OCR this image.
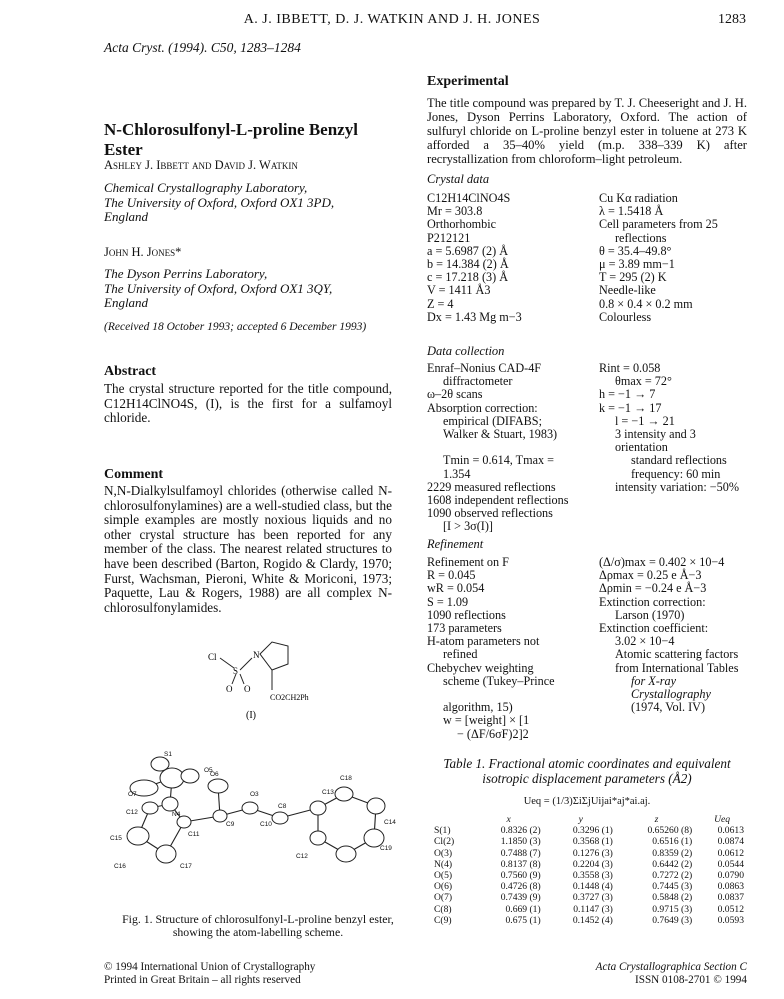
A. J. IBBETT, D. J. WATKIN AND J. H. JONES	1283
Acta Cryst. (1994). C50, 1283–1284
N-Chlorosulfonyl-L-proline Benzyl Ester
Ashley J. Ibbett and David J. Watkin
Chemical Crystallography Laboratory,
The University of Oxford, Oxford OX1 3PD,
England
John H. Jones*
The Dyson Perrins Laboratory,
The University of Oxford, Oxford OX1 3QY,
England
(Received 18 October 1993; accepted 6 December 1993)
Abstract

The crystal structure reported for the title compound, C12H14ClNO4S, (I), is the first for a sulfamoyl chloride.

Comment

N,N-Dialkylsulfamoyl chlorides (otherwise called N-chlorosulfonylamines) are a well-studied class, but the simple examples are mostly noxious liquids and no other crystal structure has been reported for any member of the class. The nearest related structures to have been described (Barton, Rogido & Clardy, 1970; Furst, Wachsman, Pieroni, White & Moriconi, 1973; Paquette, Lau & Rogers, 1988) are all complex N-chlorosulfonylamides.

Cl
S
N
O O
CO2CH2Ph
(I)
S1
O5
O7
O6
C12	N4
O3
C8
C13
C18
C9
C11
C10	C14
C15
C16	C17
C12
C19
Fig. 1. Structure of chlorosulfonyl-L-proline benzyl ester, showing the atom-labelling scheme.
© 1994 International Union of Crystallography
Printed in Great Britain – all rights reserved
Experimental

The title compound was prepared by T. J. Cheeseright and J. H. Jones, Dyson Perrins Laboratory, Oxford. The action of sulfuryl chloride on L-proline benzyl ester in toluene at 273 K afforded a 35–40% yield (m.p. 338–339 K) after recrystallization from chloroform–light petroleum.

Crystal data
C12H14ClNO4S	Cu Kα radiation
Mr = 303.8	λ = 1.5418 Å
Orthorhombic	Cell parameters from 25
P212121	reflections
a = 5.6987 (2) Å	θ = 35.4–49.8°
b = 14.384 (2) Å	μ = 3.89 mm−1
c = 17.218 (3) Å	T = 295 (2) K
V = 1411 Å3	Needle-like
Z = 4	0.8 × 0.4 × 0.2 mm
Dx = 1.43 Mg m−3	Colourless
Data collection
Enraf–Nonius CAD-4F	Rint = 0.058
diffractometer	θmax = 72°
ω–2θ scans	h = −1 → 7
Absorption correction:	k = −1 → 17
empirical (DIFABS;	l = −1 → 21
Walker & Stuart, 1983)	3 intensity and 3 orientation
Tmin = 0.614, Tmax =	standard reflections
1.354	frequency: 60 min
2229 measured reflections	intensity variation: −50%
1608 independent reflections
1090 observed reflections
[I > 3σ(I)]
Refinement
Refinement on F	(Δ/σ)max = 0.402 × 10−4
R = 0.045	Δρmax = 0.25 e Å−3
wR = 0.054	Δρmin = −0.24 e Å−3
S = 1.09	Extinction correction:
1090 reflections	Larson (1970)
173 parameters	Extinction coefficient:
H-atom parameters not	3.02 × 10−4
refined	Atomic scattering factors
Chebychev weighting	from International Tables
scheme (Tukey–Prince	for X-ray Crystallography
algorithm, 15)	(1974, Vol. IV)
w = [weight] × [1
− (ΔF/6σF)2]2
Table 1. Fractional atomic coordinates and equivalent isotropic displacement parameters (Å2)
Ueq = (1/3)ΣiΣjUijai*aj*ai.aj.
	x	y	z	Ueq
S(1)	0.8326 (2)	0.3296 (1)	0.65260 (8)	0.0613
Cl(2)	1.1850 (3)	0.3568 (1)	0.6516 (1)	0.0874
O(3)	0.7488 (7)	0.1276 (3)	0.8359 (2)	0.0612
N(4)	0.8137 (8)	0.2204 (3)	0.6442 (2)	0.0544
O(5)	0.7560 (9)	0.3558 (3)	0.7272 (2)	0.0790
O(6)	0.4726 (8)	0.1448 (4)	0.7445 (3)	0.0863
O(7)	0.7439 (9)	0.3727 (3)	0.5848 (2)	0.0837
C(8)	0.669 (1)	0.1147 (3)	0.9715 (3)	0.0512
C(9)	0.675 (1)	0.1452 (4)	0.7649 (3)	0.0593
Acta Crystallographica Section C
ISSN 0108-2701 © 1994
